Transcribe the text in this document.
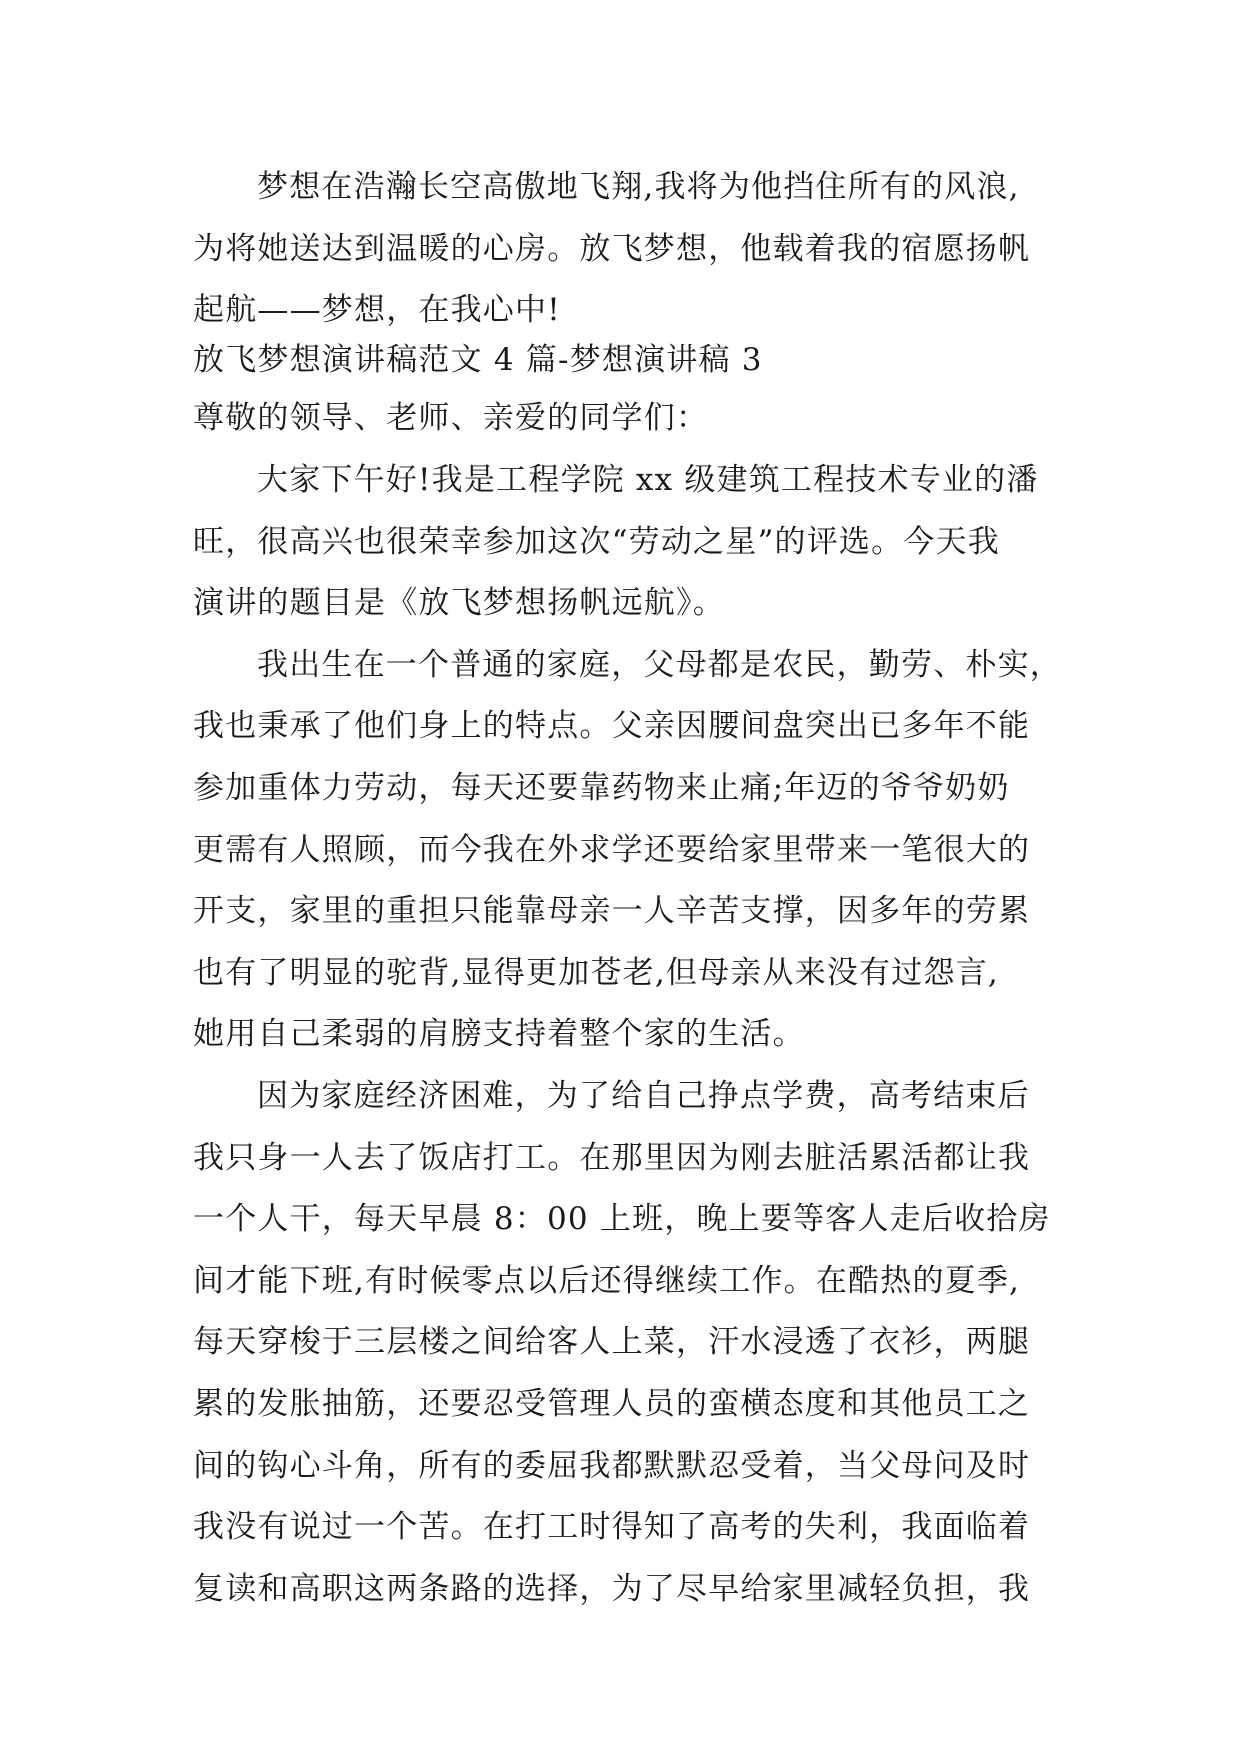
梦想在浩瀚长空高傲地飞翔,我将为他挡住所有的风浪,
为将她送达到温暖的心房。放飞梦想，他载着我的宿愿扬帆
起航——梦想，在我心中!
放飞梦想演讲稿范文 4 篇-梦想演讲稿 3
尊敬的领导、老师、亲爱的同学们：
大家下午好!我是工程学院 xx 级建筑工程技术专业的潘
旺，很高兴也很荣幸参加这次“劳动之星”的评选。今天我
演讲的题目是《放飞梦想扬帆远航》。
我出生在一个普通的家庭，父母都是农民，勤劳、朴实，
我也秉承了他们身上的特点。父亲因腰间盘突出已多年不能
参加重体力劳动，每天还要靠药物来止痛;年迈的爷爷奶奶
更需有人照顾，而今我在外求学还要给家里带来一笔很大的
开支，家里的重担只能靠母亲一人辛苦支撑，因多年的劳累
也有了明显的驼背,显得更加苍老,但母亲从来没有过怨言,
她用自己柔弱的肩膀支持着整个家的生活。
因为家庭经济困难，为了给自己挣点学费，高考结束后
我只身一人去了饭店打工。在那里因为刚去脏活累活都让我
一个人干，每天早晨 8：00 上班，晚上要等客人走后收拾房
间才能下班,有时候零点以后还得继续工作。在酷热的夏季,
每天穿梭于三层楼之间给客人上菜，汗水浸透了衣衫，两腿
累的发胀抽筋，还要忍受管理人员的蛮横态度和其他员工之
间的钩心斗角，所有的委屈我都默默忍受着，当父母问及时
我没有说过一个苦。在打工时得知了高考的失利，我面临着
复读和高职这两条路的选择，为了尽早给家里减轻负担，我
